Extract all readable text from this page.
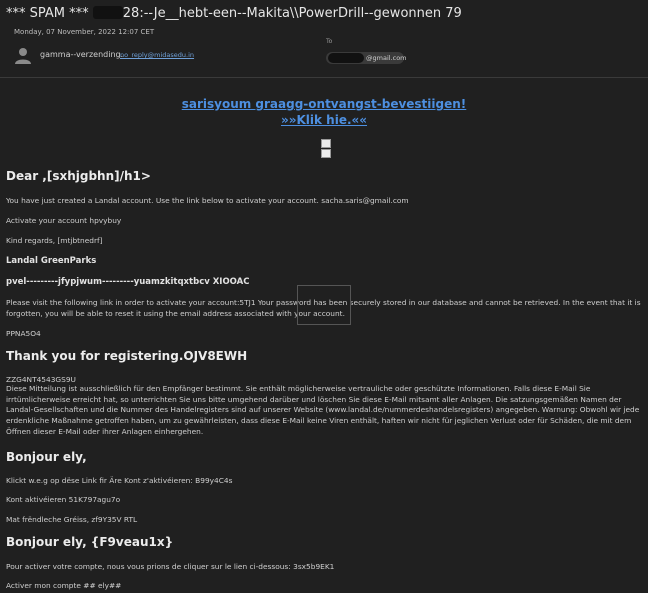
*** SPAM ***	28:--Je__hebt-een--Makita\\PowerDrill--gewonnen 79
Monday, 07 November, 2022 12:07 CET
gamma--verzending.
no_reply@midasedu.in
To
@gmail.com
sarisyoum graagg-ontvangst-bevestiigen!
»»Klik hie.««
Dear ,[sxhjgbhn]/h1>
You have just created a Landal account. Use the link below to activate your account. sacha.saris@gmail.com
Activate your account hpvybuy
Kind regards, [mtjbtnedrf]
Landal GreenParks
pvel---------jfypjwum---------yuamzkitqxtbcv XIOOAC
Please visit the following link in order to activate your account:5TJ1 Your password has been securely stored in our database and cannot be retrieved. In the event that it is forgotten, you will be able to reset it using the email address associated with your account.
PPNA5O4
Thank you for registering.OJV8EWH
ZZG4NT4543GS9U
Diese Mitteilung ist ausschließlich für den Empfänger bestimmt. Sie enthält möglicherweise vertrauliche oder geschützte Informationen. Falls diese E-Mail Sie irrtümlicherweise erreicht hat, so unterrichten Sie uns bitte umgehend darüber und löschen Sie diese E-Mail mitsamt aller Anlagen. Die satzungsgemäßen Namen der Landal-Gesellschaften und die Nummer des Handelregisters sind auf unserer Website (www.landal.de/nummerdeshandelsregisters) angegeben. Warnung: Obwohl wir jede erdenkliche Maßnahme getroffen haben, um zu gewährleisten, dass diese E-Mail keine Viren enthält, haften wir nicht für jeglichen Verlust oder für Schäden, die mit dem Öffnen dieser E-Mail oder ihrer Anlagen einhergehen.
Bonjour ely,
Klickt w.e.g op dëse Link fir Äre Kont z'aktivéieren: B99y4C4s
Kont aktivéieren 51K797agu7o
Mat frëndleche Gréiss, zf9Y35V RTL
Bonjour ely, {F9veau1x}
Pour activer votre compte, nous vous prions de cliquer sur le lien ci-dessous: 3sx5b9EK1
Activer mon compte ## ely##
